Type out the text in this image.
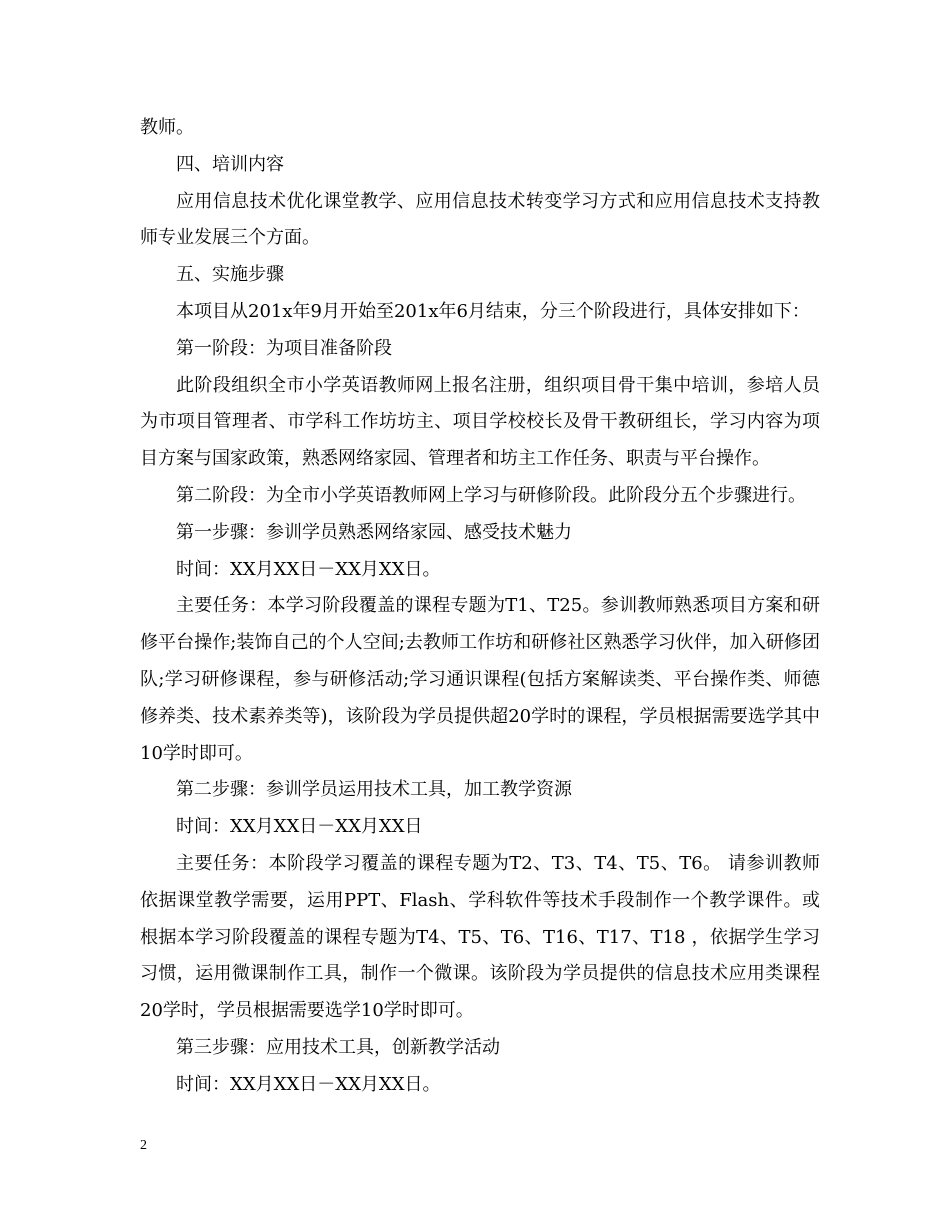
教师。

四、培训内容

应用信息技术优化课堂教学、应用信息技术转变学习方式和应用信息技术支持教师专业发展三个方面。

五、实施步骤

本项目从201x年9月开始至201x年6月结束，分三个阶段进行，具体安排如下：

第一阶段：为项目准备阶段

此阶段组织全市小学英语教师网上报名注册，组织项目骨干集中培训，参培人员为市项目管理者、市学科工作坊坊主、项目学校校长及骨干教研组长，学习内容为项目方案与国家政策，熟悉网络家园、管理者和坊主工作任务、职责与平台操作。

第二阶段：为全市小学英语教师网上学习与研修阶段。此阶段分五个步骤进行。

第一步骤：参训学员熟悉网络家园、感受技术魅力

时间：XX月XX日－XX月XX日。

主要任务：本学习阶段覆盖的课程专题为T1、T25。参训教师熟悉项目方案和研修平台操作;装饰自己的个人空间;去教师工作坊和研修社区熟悉学习伙伴，加入研修团队;学习研修课程，参与研修活动;学习通识课程(包括方案解读类、平台操作类、师德修养类、技术素养类等)，该阶段为学员提供超20学时的课程，学员根据需要选学其中10学时即可。

第二步骤：参训学员运用技术工具，加工教学资源

时间：XX月XX日－XX月XX日

主要任务：本阶段学习覆盖的课程专题为T2、T3、T4、T5、T6。 请参训教师依据课堂教学需要，运用PPT、Flash、学科软件等技术手段制作一个教学课件。或根据本学习阶段覆盖的课程专题为T4、T5、T6、T16、T17、T18 ，依据学生学习习惯，运用微课制作工具，制作一个微课。该阶段为学员提供的信息技术应用类课程20学时，学员根据需要选学10学时即可。

第三步骤：应用技术工具，创新教学活动

时间：XX月XX日－XX月XX日。

2
